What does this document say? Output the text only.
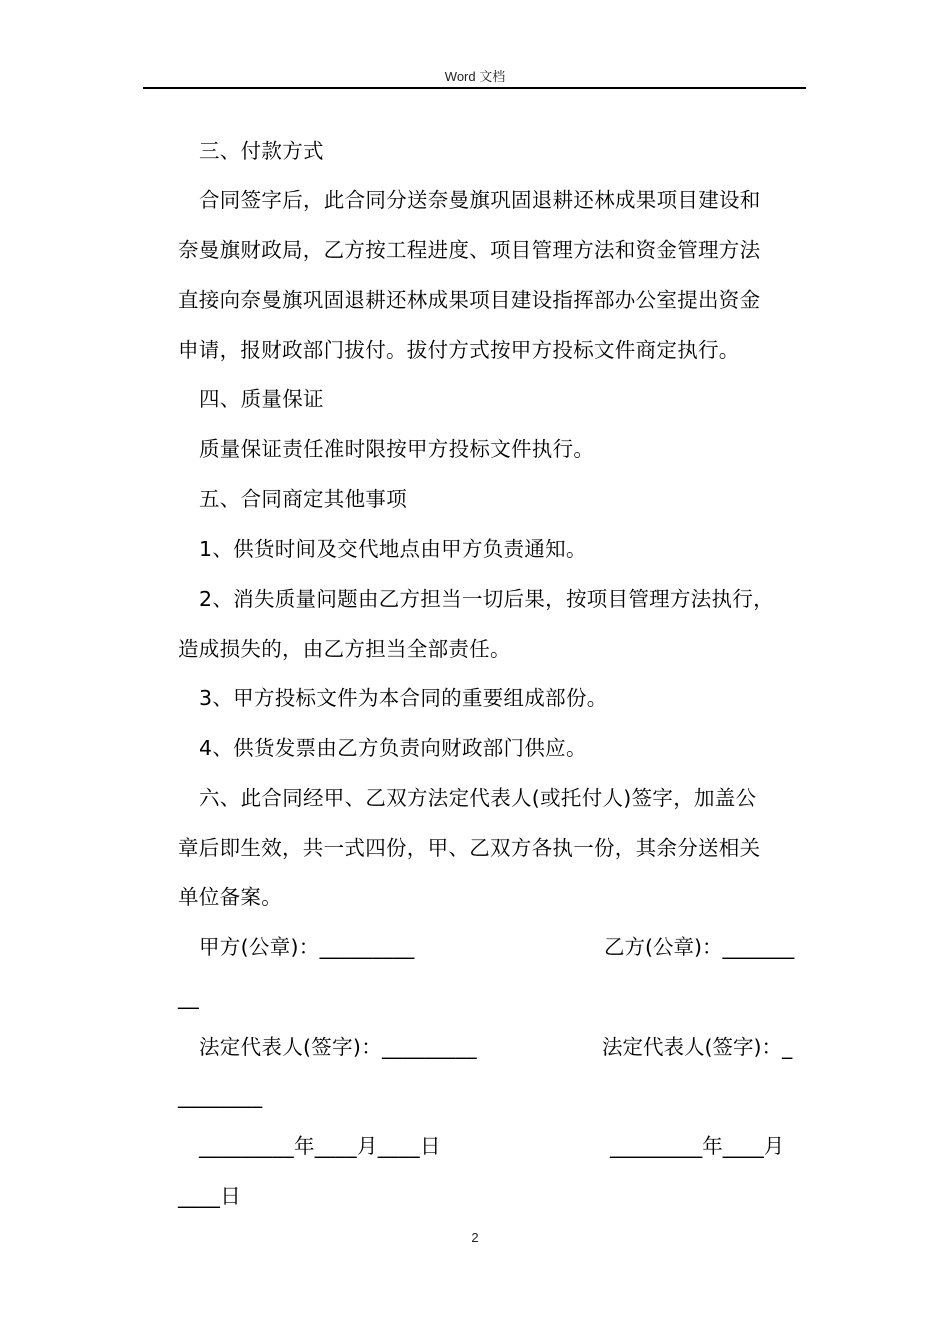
Word 文档
三、付款方式
合同签字后，此合同分送奈曼旗巩固退耕还林成果项目建设和
奈曼旗财政局，乙方按工程进度、项目管理方法和资金管理方法
直接向奈曼旗巩固退耕还林成果项目建设指挥部办公室提出资金
申请，报财政部门拔付。拔付方式按甲方投标文件商定执行。
四、质量保证
质量保证责任准时限按甲方投标文件执行。
五、合同商定其他事项
1、供货时间及交代地点由甲方负责通知。
2、消失质量问题由乙方担当一切后果，按项目管理方法执行，
造成损失的，由乙方担当全部责任。
3、甲方投标文件为本合同的重要组成部份。
4、供货发票由乙方负责向财政部门供应。
六、此合同经甲、乙双方法定代表人(或托付人)签字，加盖公
章后即生效，共一式四份，甲、乙双方各执一份，其余分送相关
单位备案。
甲方(公章)：_________	乙方(公章)：_______
__
法定代表人(签字)：_________	法定代表人(签字)：_
________
_________年____月____日	_________年____月
____日
2
